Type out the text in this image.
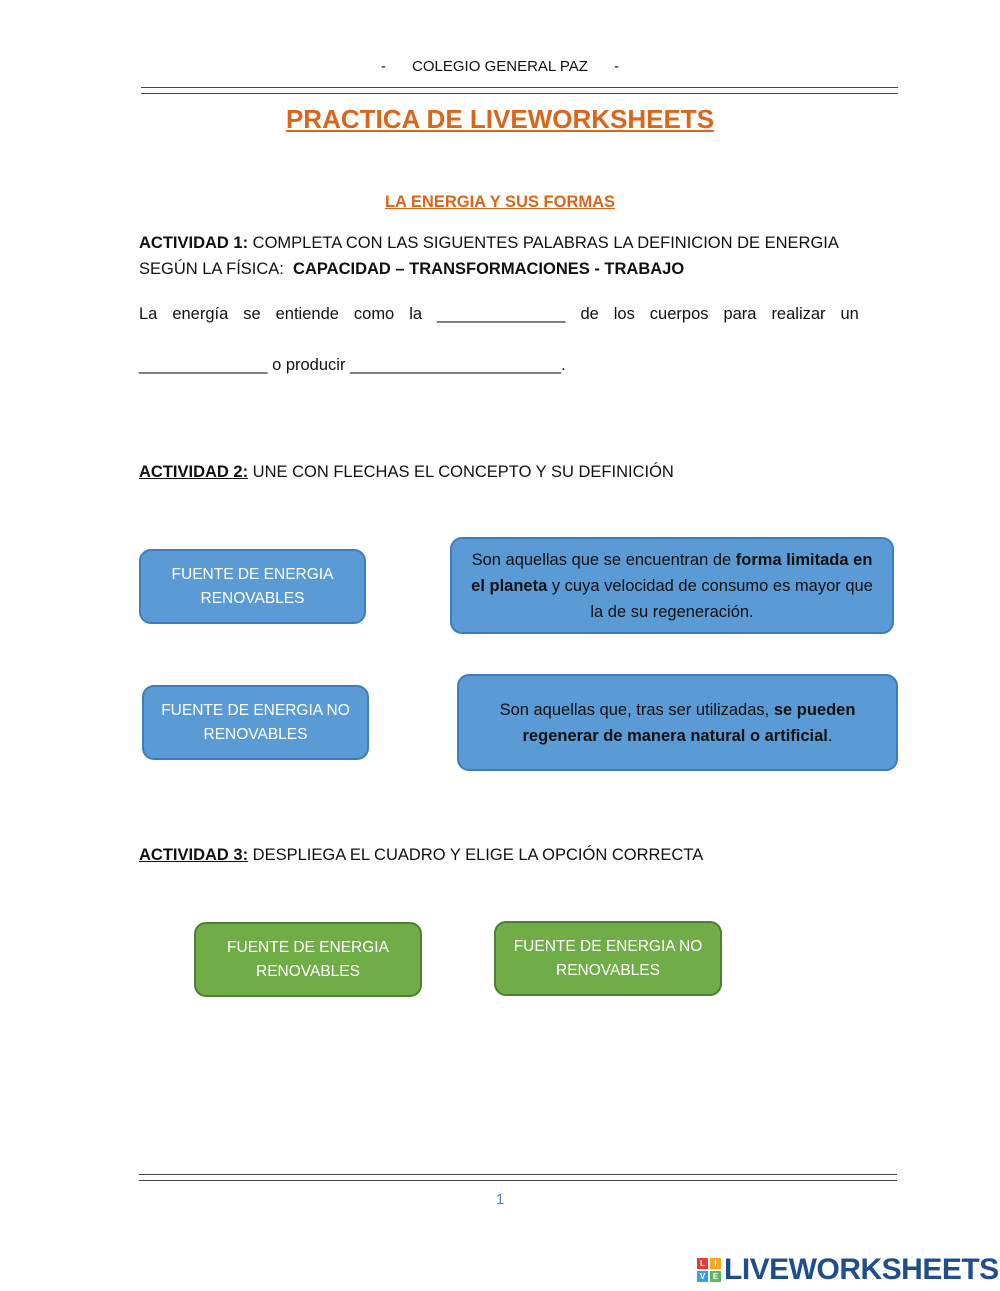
- COLEGIO GENERAL PAZ -
PRACTICA DE LIVEWORKSHEETS
LA ENERGIA Y SUS FORMAS
ACTIVIDAD 1: COMPLETA CON LAS SIGUENTES PALABRAS LA DEFINICION DE ENERGIA
SEGÚN LA FÍSICA: CAPACIDAD – TRANSFORMACIONES - TRABAJO
La energía se entiende como la ______________ de los cuerpos para realizar un
______________ o producir _______________________.
ACTIVIDAD 2: UNE CON FLECHAS EL CONCEPTO Y SU DEFINICIÓN
FUENTE DE ENERGIA RENOVABLES
FUENTE DE ENERGIA NO RENOVABLES
Son aquellas que se encuentran de forma limitada en el planeta y cuya velocidad de consumo es mayor que la de su regeneración.
Son aquellas que, tras ser utilizadas, se pueden regenerar de manera natural o artificial.
ACTIVIDAD 3: DESPLIEGA EL CUADRO Y ELIGE LA OPCIÓN CORRECTA
FUENTE DE ENERGIA RENOVABLES
FUENTE DE ENERGIA NO RENOVABLES
1
L	I
V E LIVEWORKSHEETS
